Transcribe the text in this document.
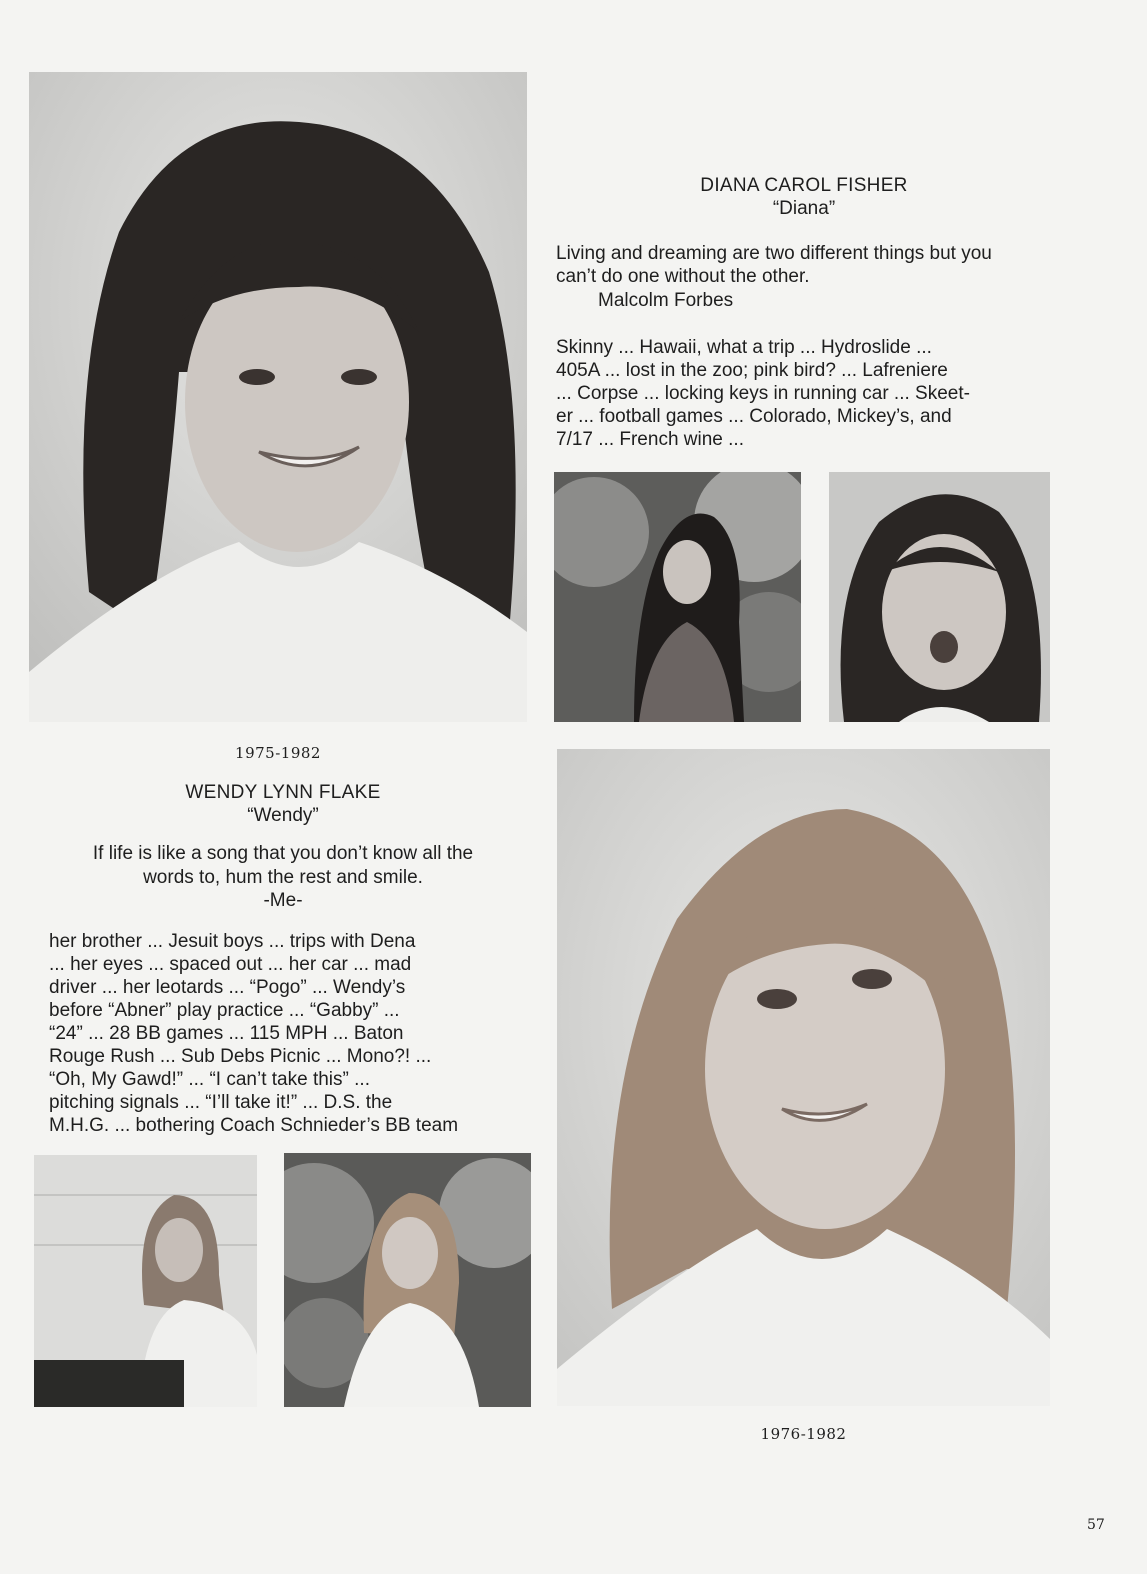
DIANA CAROL FISHER
“Diana”
Living and dreaming are two different things but you
can’t do one without the other.
Malcolm Forbes
Skinny ... Hawaii, what a trip ... Hydroslide ...
405A ... lost in the zoo; pink bird? ... Lafreniere
... Corpse ... locking keys in running car ... Skeet-
er ... football games ... Colorado, Mickey’s, and
7/17 ... French wine ...
1975-1982
WENDY LYNN FLAKE
“Wendy”
If life is like a song that you don’t know all the
words to, hum the rest and smile.
-Me-
her brother ... Jesuit boys ... trips with Dena
... her eyes ... spaced out ... her car ... mad
driver ... her leotards ... “Pogo” ... Wendy’s
before “Abner” play practice ... “Gabby” ...
“24” ... 28 BB games ... 115 MPH ... Baton
Rouge Rush ... Sub Debs Picnic ... Mono?! ...
“Oh, My Gawd!” ... “I can’t take this” ...
pitching signals ... “I’ll take it!” ... D.S. the
M.H.G. ... bothering Coach Schnieder’s BB team
1976-1982
57
